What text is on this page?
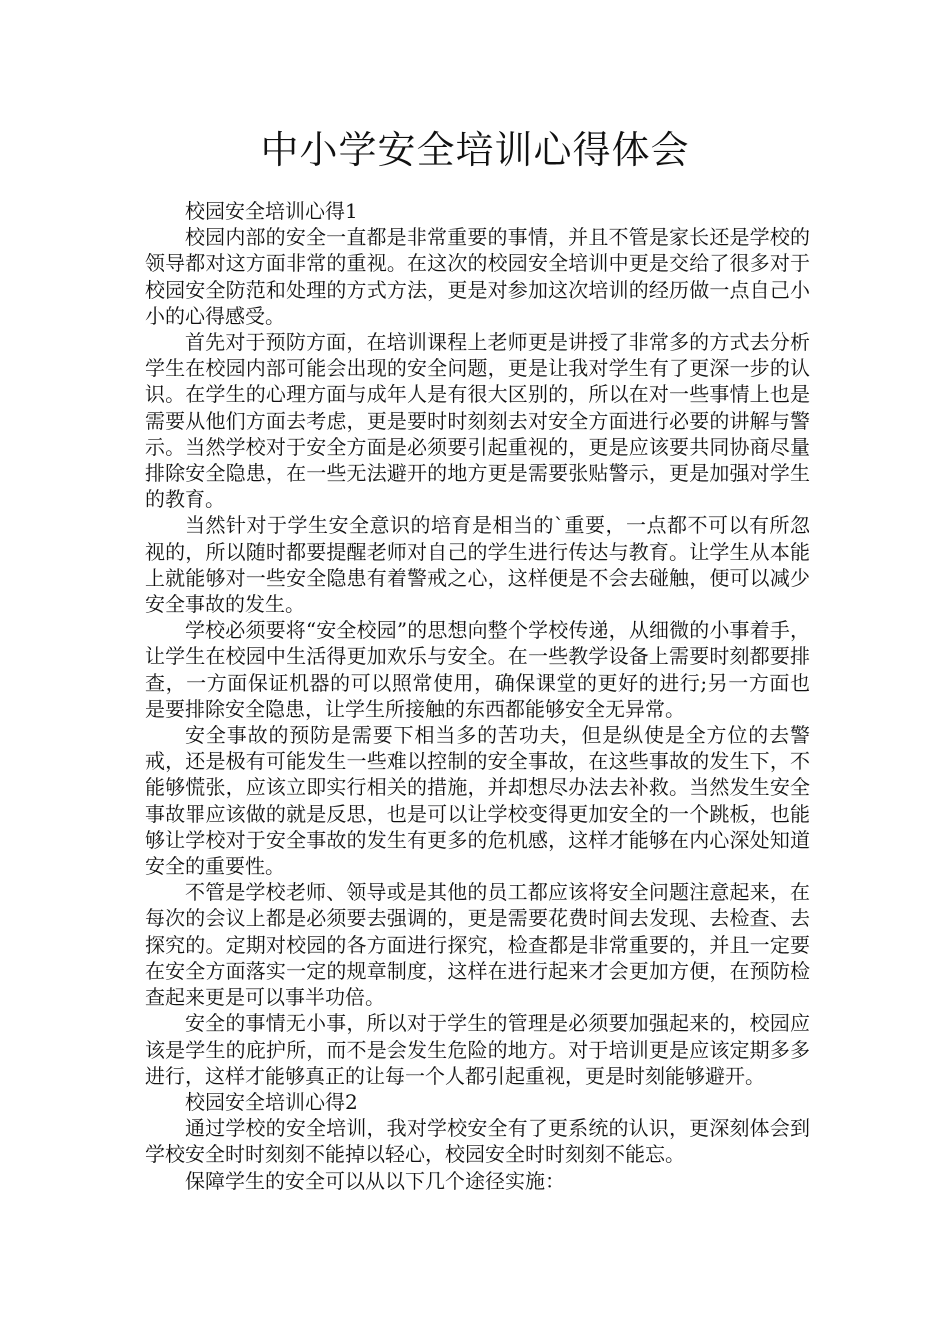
中小学安全培训心得体会

校园安全培训心得1

校园内部的安全一直都是非常重要的事情，并且不管是家长还是学校的领导都对这方面非常的重视。在这次的校园安全培训中更是交给了很多对于校园安全防范和处理的方式方法，更是对参加这次培训的经历做一点自己小小的心得感受。

首先对于预防方面，在培训课程上老师更是讲授了非常多的方式去分析学生在校园内部可能会出现的安全问题，更是让我对学生有了更深一步的认识。在学生的心理方面与成年人是有很大区别的，所以在对一些事情上也是需要从他们方面去考虑，更是要时时刻刻去对安全方面进行必要的讲解与警示。当然学校对于安全方面是必须要引起重视的，更是应该要共同协商尽量排除安全隐患，在一些无法避开的地方更是需要张贴警示，更是加强对学生的教育。

当然针对于学生安全意识的培育是相当的`重要，一点都不可以有所忽视的，所以随时都要提醒老师对自己的学生进行传达与教育。让学生从本能上就能够对一些安全隐患有着警戒之心，这样便是不会去碰触，便可以减少安全事故的发生。

学校必须要将“安全校园”的思想向整个学校传递，从细微的小事着手，让学生在校园中生活得更加欢乐与安全。在一些教学设备上需要时刻都要排查，一方面保证机器的可以照常使用，确保课堂的更好的进行;另一方面也是要排除安全隐患，让学生所接触的东西都能够安全无异常。

安全事故的预防是需要下相当多的苦功夫，但是纵使是全方位的去警戒，还是极有可能发生一些难以控制的安全事故，在这些事故的发生下，不能够慌张，应该立即实行相关的措施，并却想尽办法去补救。当然发生安全事故罪应该做的就是反思，也是可以让学校变得更加安全的一个跳板，也能够让学校对于安全事故的发生有更多的危机感，这样才能够在内心深处知道安全的重要性。

不管是学校老师、领导或是其他的员工都应该将安全问题注意起来，在每次的会议上都是必须要去强调的，更是需要花费时间去发现、去检查、去探究的。定期对校园的各方面进行探究，检查都是非常重要的，并且一定要在安全方面落实一定的规章制度，这样在进行起来才会更加方便，在预防检查起来更是可以事半功倍。

安全的事情无小事，所以对于学生的管理是必须要加强起来的，校园应该是学生的庇护所，而不是会发生危险的地方。对于培训更是应该定期多多进行，这样才能够真正的让每一个人都引起重视，更是时刻能够避开。

校园安全培训心得2

通过学校的安全培训，我对学校安全有了更系统的认识，更深刻体会到学校安全时时刻刻不能掉以轻心，校园安全时时刻刻不能忘。

保障学生的安全可以从以下几个途径实施：
